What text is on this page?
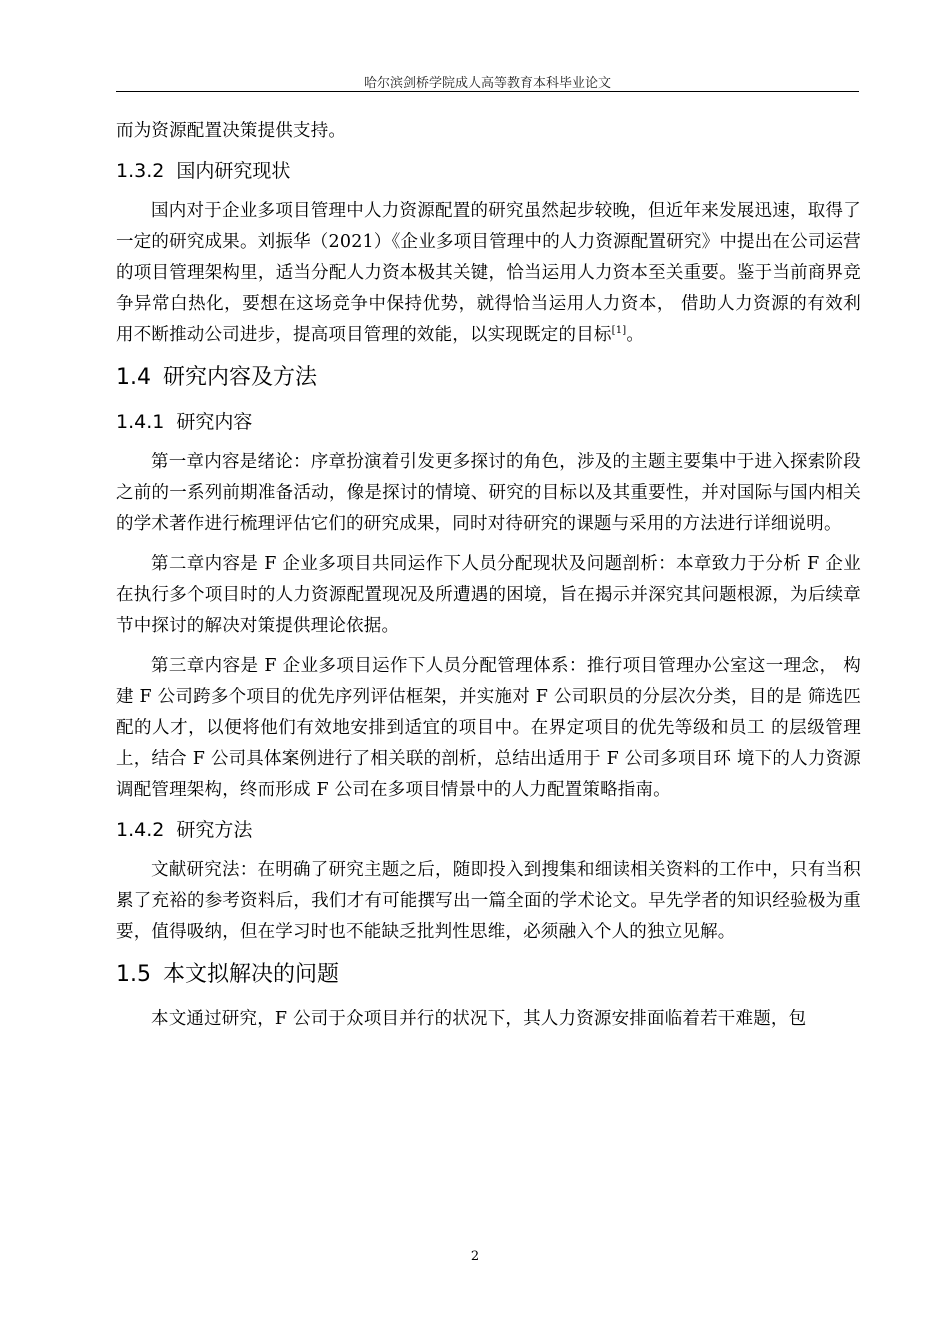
哈尔滨剑桥学院成人高等教育本科毕业论文

而为资源配置决策提供支持。

1.3.2 国内研究现状

国内对于企业多项目管理中人力资源配置的研究虽然起步较晚，但近年来发展迅速，取得了一定的研究成果。刘振华（2021）《企业多项目管理中的人力资源配置研究》中提出在公司运营的项目管理架构里，适当分配人力资本极其关键，恰当运用人力资本至关重要。鉴于当前商界竞争异常白热化，要想在这场竞争中保持优势，就得恰当运用人力资本， 借助人力资源的有效利用不断推动公司进步，提高项目管理的效能，以实现既定的目标[1]。

1.4 研究内容及方法
1.4.1 研究内容

第一章内容是绪论：序章扮演着引发更多探讨的角色，涉及的主题主要集中于进入探索阶段之前的一系列前期准备活动，像是探讨的情境、研究的目标以及其重要性，并对国际与国内相关的学术著作进行梳理评估它们的研究成果，同时对待研究的课题与采用的方法进行详细说明。

第二章内容是 F 企业多项目共同运作下人员分配现状及问题剖析：本章致力于分析 F 企业在执行多个项目时的人力资源配置现况及所遭遇的困境，旨在揭示并深究其问题根源，为后续章节中探讨的解决对策提供理论依据。

第三章内容是 F 企业多项目运作下人员分配管理体系：推行项目管理办公室这一理念， 构建 F 公司跨多个项目的优先序列评估框架，并实施对 F 公司职员的分层次分类，目的是 筛选匹配的人才，以便将他们有效地安排到适宜的项目中。在界定项目的优先等级和员工 的层级管理上，结合 F 公司具体案例进行了相关联的剖析，总结出适用于 F 公司多项目环 境下的人力资源调配管理架构，终而形成 F 公司在多项目情景中的人力配置策略指南。

1.4.2 研究方法

文献研究法：在明确了研究主题之后，随即投入到搜集和细读相关资料的工作中，只有当积累了充裕的参考资料后，我们才有可能撰写出一篇全面的学术论文。早先学者的知识经验极为重要，值得吸纳，但在学习时也不能缺乏批判性思维，必须融入个人的独立见解。

1.5 本文拟解决的问题

本文通过研究，F 公司于众项目并行的状况下，其人力资源安排面临着若干难题，包

2
